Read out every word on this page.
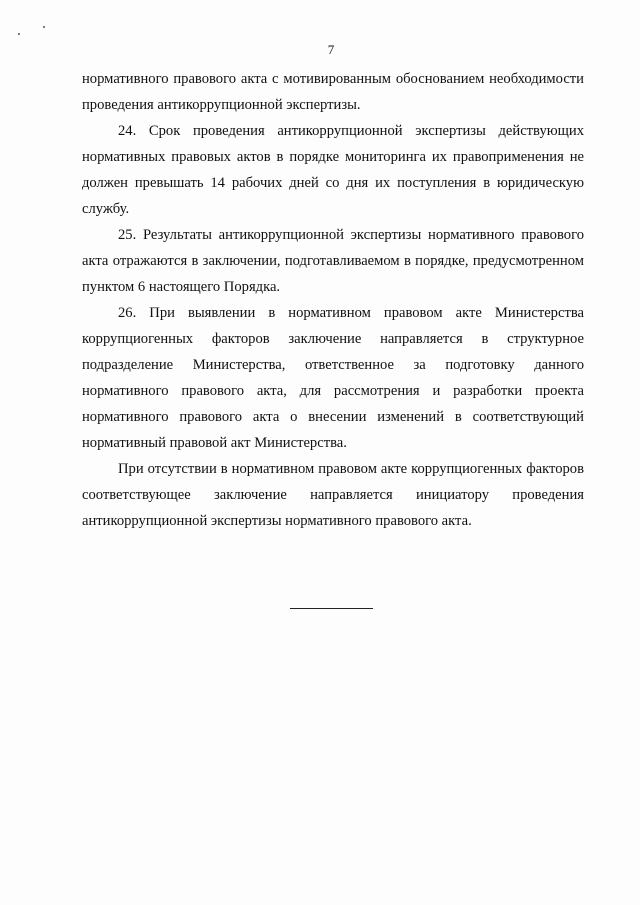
7

нормативного правового акта с мотивированным обоснованием необходимости проведения антикоррупционной экспертизы.

24. Срок проведения антикоррупционной экспертизы действующих нормативных правовых актов в порядке мониторинга их правоприменения не должен превышать 14 рабочих дней со дня их поступления в юридическую службу.

25. Результаты антикоррупционной экспертизы нормативного правового акта отражаются в заключении, подготавливаемом в порядке, предусмотренном пунктом 6 настоящего Порядка.

26. При выявлении в нормативном правовом акте Министерства коррупциогенных факторов заключение направляется в структурное подразделение Министерства, ответственное за подготовку данного нормативного правового акта, для рассмотрения и разработки проекта нормативного правового акта о внесении изменений в соответствующий нормативный правовой акт Министерства.

При отсутствии в нормативном правовом акте коррупциогенных факторов соответствующее заключение направляется инициатору проведения антикоррупционной экспертизы нормативного правового акта.
